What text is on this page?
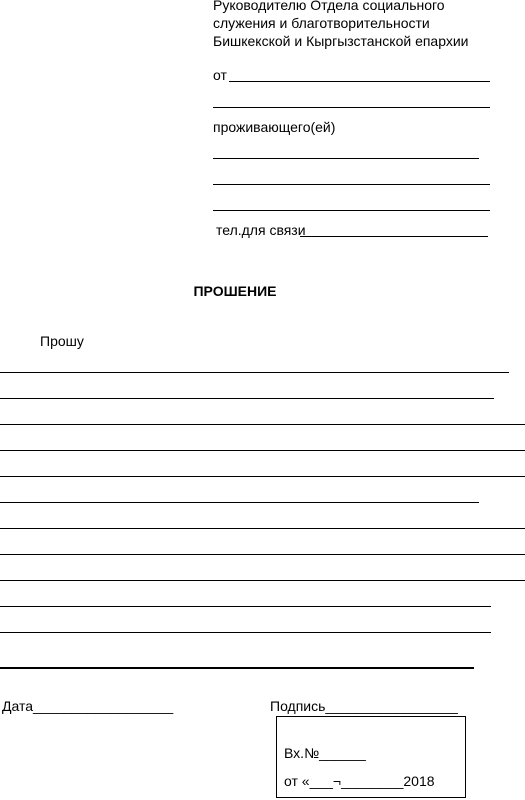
Руководителю Отдела социального
служения и благотворительности
Бишкекской и Кыргызстанской епархии
от
проживающего(ей)
тел.для связи
ПРОШЕНИЕ
Прошу
Дата__________________	Подпись_________________
Вх.№______
от «___¬________2018
